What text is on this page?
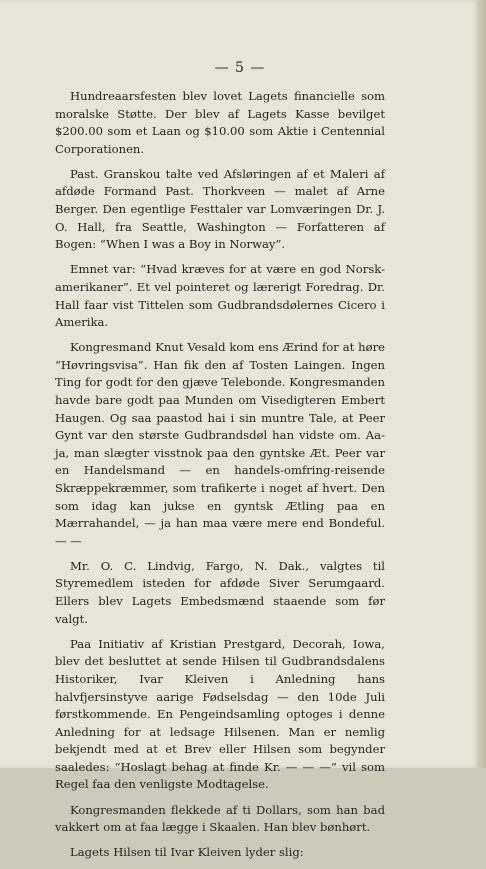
— 5 —

Hundreaarsfesten blev lovet Lagets financielle som moralske Støtte. Der blev af Lagets Kasse bevilget $200.00 som et Laan og $10.00 som Aktie i Centennial Corporationen.

Past. Granskou talte ved Afsløringen af et Maleri af afdøde Formand Past. Thorkveen — malet af Arne Berger. Den egentlige Festtaler var Lomværingen Dr. J. O. Hall, fra Seattle, Washington — Forfatteren af Bogen: “When I was a Boy in Norway”.

Emnet var: “Hvad kræves for at være en god Norsk-amerikaner”. Et vel pointeret og lærerigt Foredrag. Dr. Hall faar vist Tittelen som Gudbrandsdølernes Cicero i Amerika.

Kongresmand Knut Vesald kom ens Ærind for at høre “Høvringsvisa”. Han fik den af Tosten Laingen. Ingen Ting for godt for den gjæve Telebonde. Kongresmanden havde bare godt paa Munden om Visedigteren Embert Haugen. Og saa paastod hai i sin muntre Tale, at Peer Gynt var den største Gudbrandsdøl han vidste om. Aa-ja, man slægter visstnok paa den gyntske Æt. Peer var en Handelsmand — en handels-omfring-reisende Skræppekræmmer, som trafikerte i noget af hvert. Den som idag kan jukse en gyntsk Ætling paa en Mærrahandel, — ja han maa være mere end Bondeful. — —

Mr. O. C. Lindvig, Fargo, N. Dak., valgtes til Styremedlem isteden for afdøde Siver Serumgaard. Ellers blev Lagets Embedsmænd staaende som før valgt.

Paa Initiativ af Kristian Prestgard, Decorah, Iowa, blev det besluttet at sende Hilsen til Gudbrandsdalens Historiker, Ivar Kleiven i Anledning hans halvfjersinstyve aarige Fødselsdag — den 10de Juli førstkommende. En Pengeindsamling optoges i denne Anledning for at ledsage Hilsenen. Man er nemlig bekjendt med at et Brev eller Hilsen som begynder saaledes: “Hoslagt behag at finde Kr. — — —” vil som Regel faa den venligste Modtagelse.

Kongresmanden flekkede af ti Dollars, som han bad vakkert om at faa lægge i Skaalen. Han blev bønhørt.

Lagets Hilsen til Ivar Kleiven lyder slig:
